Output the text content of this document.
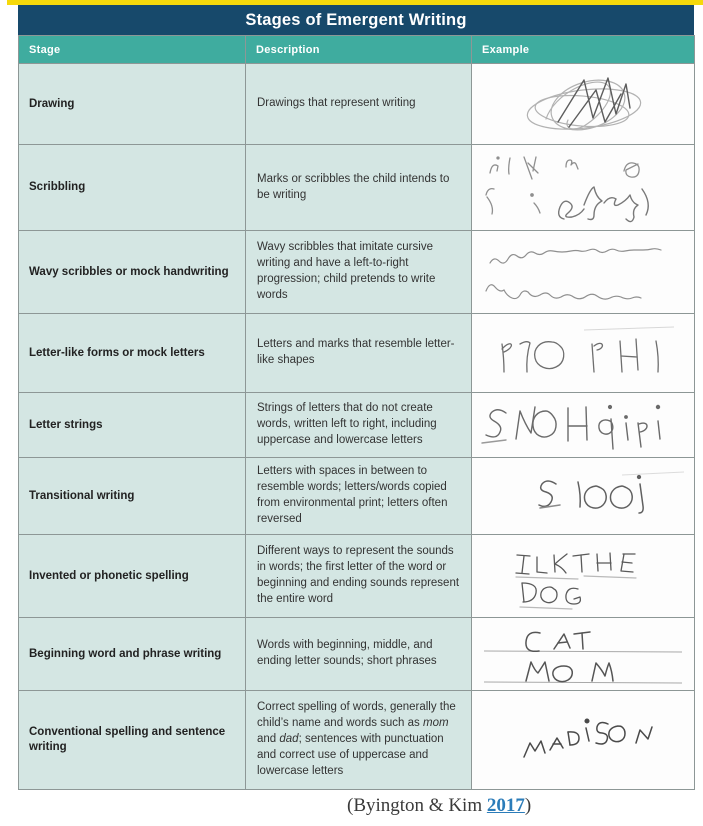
Stages of Emergent Writing
Stage	Description	Example
Drawing	Drawings that represent writing	

Scribbling	Marks or scribbles the child intends to be writing	

Wavy scribbles or mock handwriting	Wavy scribbles that imitate cursive writing and have a left-to-right progression; child pretends to write words	

Letter-like forms or mock letters	Letters and marks that resemble letter-like shapes	

Letter strings	Strings of letters that do not create words, written left to right, including uppercase and lowercase letters	

Transitional writing	Letters with spaces in between to resemble words; letters/words copied from environmental print; letters often reversed	

Invented or phonetic spelling	Different ways to represent the sounds in words; the first letter of the word or beginning and ending sounds represent the entire word	

Beginning word and phrase writing	Words with beginning, middle, and ending letter sounds; short phrases	

Conventional spelling and sentence writing	Correct spelling of words, generally the child’s name and words such as mom and dad; sentences with punctuation and correct use of uppercase and lowercase letters	
(Byington & Kim 2017)
